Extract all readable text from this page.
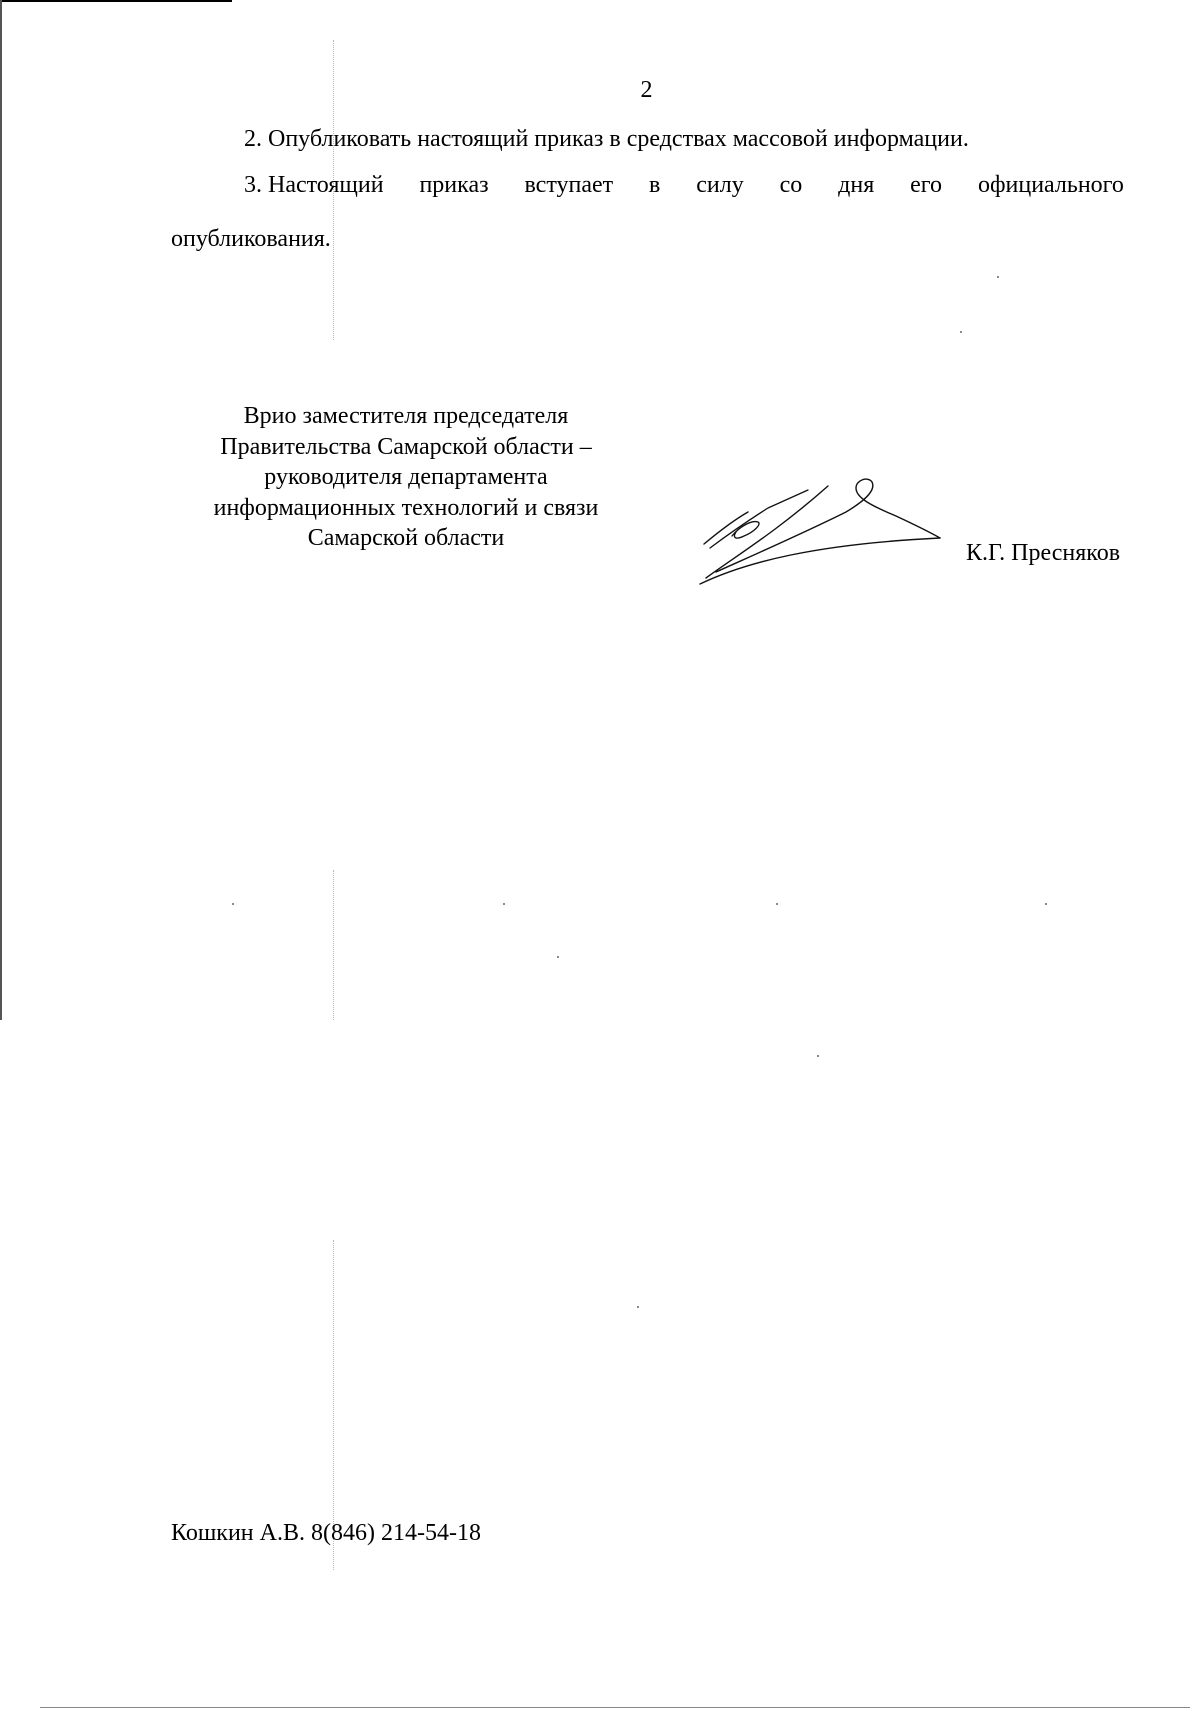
2
2. Опубликовать настоящий приказ в средствах массовой информации.
3. Настоящий приказ вступает в силу со дня его официального
опубликования.
Врио заместителя председателя
Правительства Самарской области –
руководителя департамента
информационных технологий и связи
Самарской области
К.Г. Пресняков
Кошкин А.В. 8(846) 214-54-18
